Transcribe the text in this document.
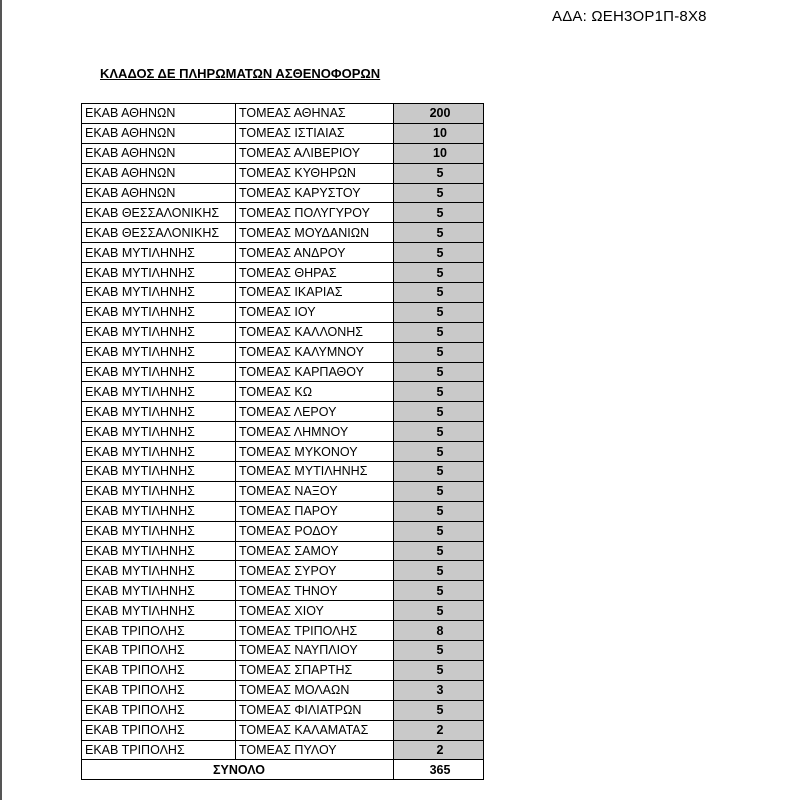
ΑΔΑ: ΩΕΗ3ΟΡ1Π-8Χ8
ΚΛΑΔΟΣ ΔΕ ΠΛΗΡΩΜΑΤΩΝ ΑΣΘΕΝΟΦΟΡΩΝ
ΕΚΑΒ ΑΘΗΝΩΝ	ΤΟΜΕΑΣ ΑΘΗΝΑΣ	200
ΕΚΑΒ ΑΘΗΝΩΝ	ΤΟΜΕΑΣ ΙΣΤΙΑΙΑΣ	10
ΕΚΑΒ ΑΘΗΝΩΝ	ΤΟΜΕΑΣ ΑΛΙΒΕΡΙΟΥ	10
ΕΚΑΒ ΑΘΗΝΩΝ	ΤΟΜΕΑΣ ΚΥΘΗΡΩΝ	5
ΕΚΑΒ ΑΘΗΝΩΝ	ΤΟΜΕΑΣ ΚΑΡΥΣΤΟΥ	5
ΕΚΑΒ ΘΕΣΣΑΛΟΝΙΚΗΣ	ΤΟΜΕΑΣ ΠΟΛΥΓΥΡΟΥ	5
ΕΚΑΒ ΘΕΣΣΑΛΟΝΙΚΗΣ	ΤΟΜΕΑΣ ΜΟΥΔΑΝΙΩΝ	5
ΕΚΑΒ ΜΥΤΙΛΗΝΗΣ	ΤΟΜΕΑΣ ΑΝΔΡΟΥ	5
ΕΚΑΒ ΜΥΤΙΛΗΝΗΣ	ΤΟΜΕΑΣ ΘΗΡΑΣ	5
ΕΚΑΒ ΜΥΤΙΛΗΝΗΣ	ΤΟΜΕΑΣ ΙΚΑΡΙΑΣ	5
ΕΚΑΒ ΜΥΤΙΛΗΝΗΣ	ΤΟΜΕΑΣ ΙΟΥ	5
ΕΚΑΒ ΜΥΤΙΛΗΝΗΣ	ΤΟΜΕΑΣ ΚΑΛΛΟΝΗΣ	5
ΕΚΑΒ ΜΥΤΙΛΗΝΗΣ	ΤΟΜΕΑΣ ΚΑΛΥΜΝΟΥ	5
ΕΚΑΒ ΜΥΤΙΛΗΝΗΣ	ΤΟΜΕΑΣ ΚΑΡΠΑΘΟΥ	5
ΕΚΑΒ ΜΥΤΙΛΗΝΗΣ	ΤΟΜΕΑΣ ΚΩ	5
ΕΚΑΒ ΜΥΤΙΛΗΝΗΣ	ΤΟΜΕΑΣ ΛΕΡΟΥ	5
ΕΚΑΒ ΜΥΤΙΛΗΝΗΣ	ΤΟΜΕΑΣ ΛΗΜΝΟΥ	5
ΕΚΑΒ ΜΥΤΙΛΗΝΗΣ	ΤΟΜΕΑΣ ΜΥΚΟΝΟΥ	5
ΕΚΑΒ ΜΥΤΙΛΗΝΗΣ	ΤΟΜΕΑΣ ΜΥΤΙΛΗΝΗΣ	5
ΕΚΑΒ ΜΥΤΙΛΗΝΗΣ	ΤΟΜΕΑΣ ΝΑΞΟΥ	5
ΕΚΑΒ ΜΥΤΙΛΗΝΗΣ	ΤΟΜΕΑΣ ΠΑΡΟΥ	5
ΕΚΑΒ ΜΥΤΙΛΗΝΗΣ	ΤΟΜΕΑΣ ΡΟΔΟΥ	5
ΕΚΑΒ ΜΥΤΙΛΗΝΗΣ	ΤΟΜΕΑΣ ΣΑΜΟΥ	5
ΕΚΑΒ ΜΥΤΙΛΗΝΗΣ	ΤΟΜΕΑΣ ΣΥΡΟΥ	5
ΕΚΑΒ ΜΥΤΙΛΗΝΗΣ	ΤΟΜΕΑΣ ΤΗΝΟΥ	5
ΕΚΑΒ ΜΥΤΙΛΗΝΗΣ	ΤΟΜΕΑΣ ΧΙΟΥ	5
ΕΚΑΒ ΤΡΙΠΟΛΗΣ	ΤΟΜΕΑΣ ΤΡΙΠΟΛΗΣ	8
ΕΚΑΒ ΤΡΙΠΟΛΗΣ	ΤΟΜΕΑΣ ΝΑΥΠΛΙΟΥ	5
ΕΚΑΒ ΤΡΙΠΟΛΗΣ	ΤΟΜΕΑΣ ΣΠΑΡΤΗΣ	5
ΕΚΑΒ ΤΡΙΠΟΛΗΣ	ΤΟΜΕΑΣ ΜΟΛΑΩΝ	3
ΕΚΑΒ ΤΡΙΠΟΛΗΣ	ΤΟΜΕΑΣ ΦΙΛΙΑΤΡΩΝ	5
ΕΚΑΒ ΤΡΙΠΟΛΗΣ	ΤΟΜΕΑΣ ΚΑΛΑΜΑΤΑΣ	2
ΕΚΑΒ ΤΡΙΠΟΛΗΣ	ΤΟΜΕΑΣ ΠΥΛΟΥ	2
ΣΥΝΟΛΟ		365
